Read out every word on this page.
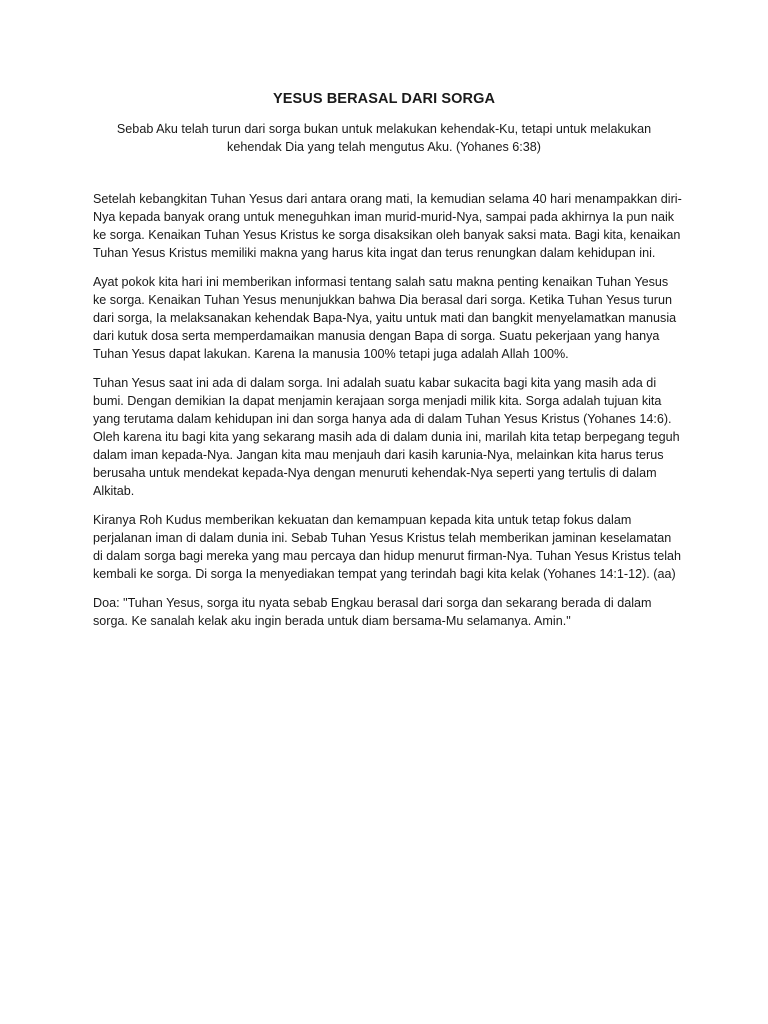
YESUS BERASAL DARI SORGA

Sebab Aku telah turun dari sorga bukan untuk melakukan kehendak-Ku, tetapi untuk melakukan kehendak Dia yang telah mengutus Aku. (Yohanes 6:38)

Setelah kebangkitan Tuhan Yesus dari antara orang mati, Ia kemudian selama 40 hari menampakkan diri-Nya kepada banyak orang untuk meneguhkan iman murid-murid-Nya, sampai pada akhirnya Ia pun naik ke sorga. Kenaikan Tuhan Yesus Kristus ke sorga disaksikan oleh banyak saksi mata. Bagi kita, kenaikan Tuhan Yesus Kristus memiliki makna yang harus kita ingat dan terus renungkan dalam kehidupan ini.

Ayat pokok kita hari ini memberikan informasi tentang salah satu makna penting kenaikan Tuhan Yesus ke sorga. Kenaikan Tuhan Yesus menunjukkan bahwa Dia berasal dari sorga. Ketika Tuhan Yesus turun dari sorga, Ia melaksanakan kehendak Bapa-Nya, yaitu untuk mati dan bangkit menyelamatkan manusia dari kutuk dosa serta memperdamaikan manusia dengan Bapa di sorga. Suatu pekerjaan yang hanya Tuhan Yesus dapat lakukan. Karena Ia manusia 100% tetapi juga adalah Allah 100%.

Tuhan Yesus saat ini ada di dalam sorga. Ini adalah suatu kabar sukacita bagi kita yang masih ada di bumi. Dengan demikian Ia dapat menjamin kerajaan sorga menjadi milik kita. Sorga adalah tujuan kita yang terutama dalam kehidupan ini dan sorga hanya ada di dalam Tuhan Yesus Kristus (Yohanes 14:6). Oleh karena itu bagi kita yang sekarang masih ada di dalam dunia ini, marilah kita tetap berpegang teguh dalam iman kepada-Nya. Jangan kita mau menjauh dari kasih karunia-Nya, melainkan kita harus terus berusaha untuk mendekat kepada-Nya dengan menuruti kehendak-Nya seperti yang tertulis di dalam Alkitab.

Kiranya Roh Kudus memberikan kekuatan dan kemampuan kepada kita untuk tetap fokus dalam perjalanan iman di dalam dunia ini. Sebab Tuhan Yesus Kristus telah memberikan jaminan keselamatan di dalam sorga bagi mereka yang mau percaya dan hidup menurut firman-Nya. Tuhan Yesus Kristus telah kembali ke sorga. Di sorga Ia menyediakan tempat yang terindah bagi kita kelak (Yohanes 14:1-12). (aa)

Doa: "Tuhan Yesus, sorga itu nyata sebab Engkau berasal dari sorga dan sekarang berada di dalam sorga. Ke sanalah kelak aku ingin berada untuk diam bersama-Mu selamanya. Amin."
